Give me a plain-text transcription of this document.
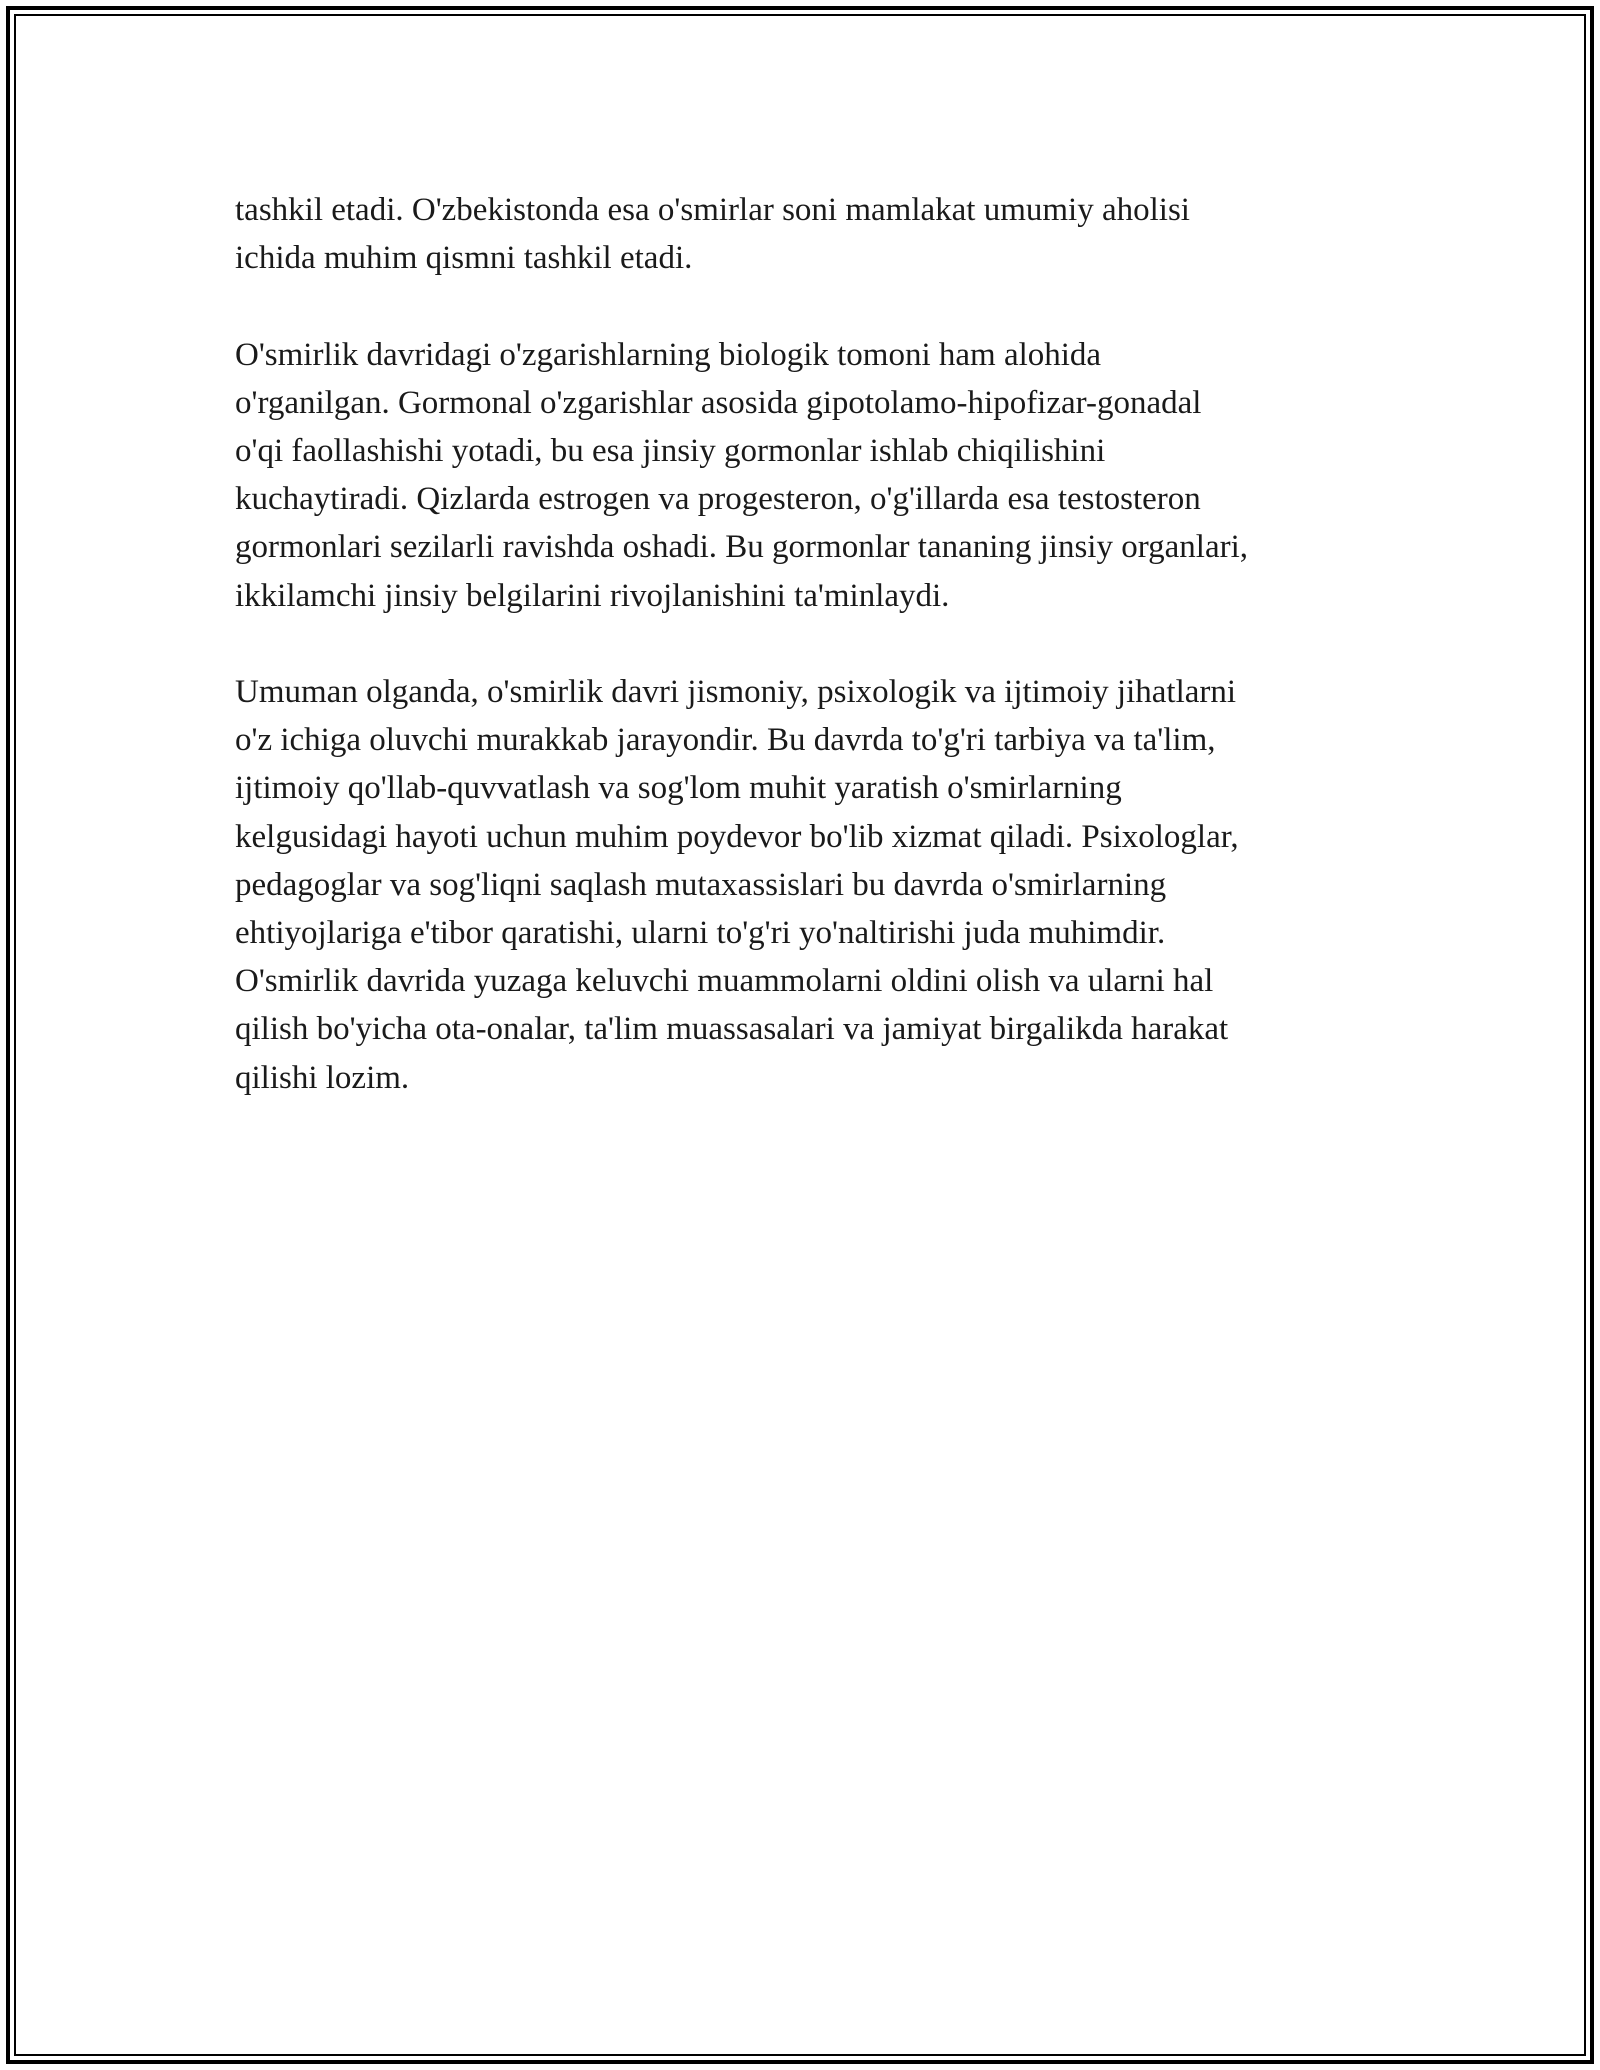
tashkil etadi. O'zbekistonda esa o'smirlar soni mamlakat umumiy aholisi
ichida muhim qismni tashkil etadi.

O'smirlik davridagi o'zgarishlarning biologik tomoni ham alohida
o'rganilgan. Gormonal o'zgarishlar asosida gipotolamo-hipofizar-gonadal
o'qi faollashishi yotadi, bu esa jinsiy gormonlar ishlab chiqilishini
kuchaytiradi. Qizlarda estrogen va progesteron, o'g'illarda esa testosteron
gormonlari sezilarli ravishda oshadi. Bu gormonlar tananing jinsiy organlari,
ikkilamchi jinsiy belgilarini rivojlanishini ta'minlaydi.

Umuman olganda, o'smirlik davri jismoniy, psixologik va ijtimoiy jihatlarni
o'z ichiga oluvchi murakkab jarayondir. Bu davrda to'g'ri tarbiya va ta'lim,
ijtimoiy qo'llab-quvvatlash va sog'lom muhit yaratish o'smirlarning
kelgusidagi hayoti uchun muhim poydevor bo'lib xizmat qiladi. Psixologlar,
pedagoglar va sog'liqni saqlash mutaxassislari bu davrda o'smirlarning
ehtiyojlariga e'tibor qaratishi, ularni to'g'ri yo'naltirishi juda muhimdir.
O'smirlik davrida yuzaga keluvchi muammolarni oldini olish va ularni hal
qilish bo'yicha ota-onalar, ta'lim muassasalari va jamiyat birgalikda harakat
qilishi lozim.
